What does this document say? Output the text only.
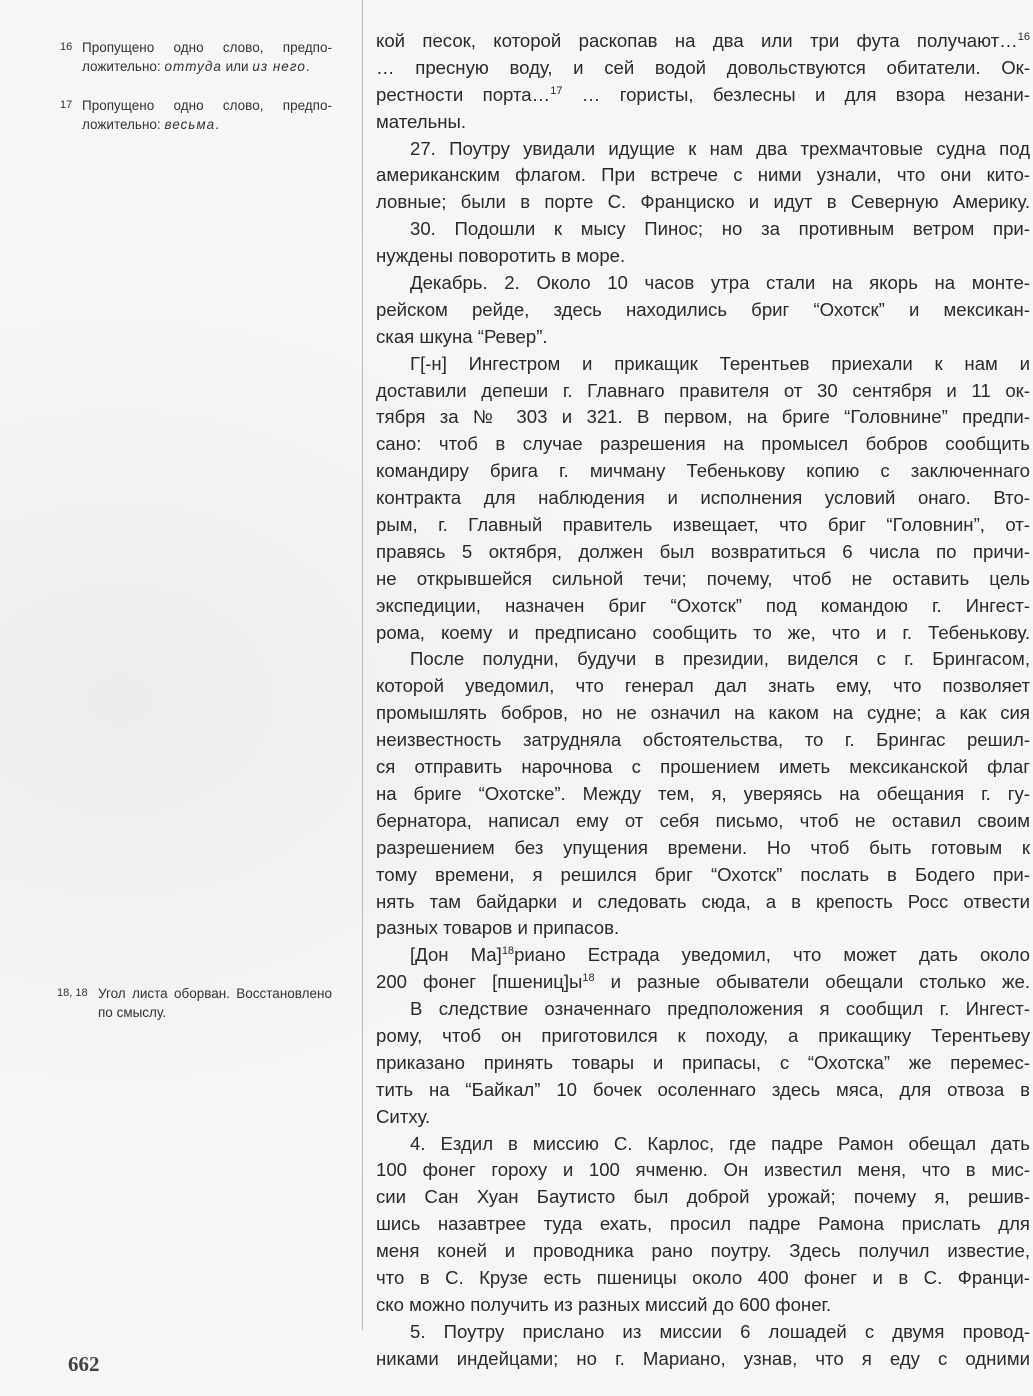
16 Пропущено одно слово, предположительно: оттуда или из него.
17 Пропущено одно слово, предположительно: весьма.
18, 18 Угол листа оборван. Восстановлено по смыслу.
кой песок, которой раскопав на два или три фута получают…$^{16}$
… пресную воду, и сей водой довольствуются обитатели. Ок-
рестности порта…$^{17}$ … гористы, безлесны и для взора незани-
мательны.
27. Поутру увидали идущие к нам два трехмачтовые судна под
американским флагом. При встрече с ними узнали, что они кито-
ловные; были в порте С. Франциско и идут в Северную Америку.
30. Подошли к мысу Пинос; но за противным ветром при-
нуждены поворотить в море.
Декабрь. 2. Около 10 часов утра стали на якорь на монте-
рейском рейде, здесь находились бриг “Охотск” и мексикан-
ская шкуна “Ревер”.
Г[-н] Ингестром и прикащик Терентьев приехали к нам и
доставили депеши г. Главнаго правителя от 30 сентября и 11 ок-
тября за № 303 и 321. В первом, на бриге “Головнине” предпи-
сано: чтоб в случае разрешения на промысел бобров сообщить
командиру брига г. мичману Тебенькову копию с заключеннаго
контракта для наблюдения и исполнения условий онаго. Вто-
рым, г. Главный правитель извещает, что бриг “Головнин”, от-
правясь 5 октября, должен был возвратиться 6 числа по причи-
не открывшейся сильной течи; почему, чтоб не оставить цель
экспедиции, назначен бриг “Охотск” под командою г. Ингест-
рома, коему и предписано сообщить то же, что и г. Тебенькову.
После полудни, будучи в президии, виделся с г. Брингасом,
которой уведомил, что генерал дал знать ему, что позволяет
промышлять бобров, но не означил на каком на судне; а как сия
неизвестность затрудняла обстоятельства, то г. Брингас решил-
ся отправить нарочнова с прошением иметь мексиканской флаг
на бриге “Охотске”. Между тем, я, уверяясь на обещания г. гу-
бернатора, написал ему от себя письмо, чтоб не оставил своим
разрешением без упущения времени. Но чтоб быть готовым к
тому времени, я решился бриг “Охотск” послать в Бодего при-
нять там байдарки и следовать сюда, а в крепость Росс отвести
разных товаров и припасов.
[Дон Ма]$^{18}$риано Естрада уведомил, что может дать около
200 фонег $[пшениц]ы^{18}$ и разные обыватели обещали столько же.
В следствие означеннаго предположения я сообщил г. Ингест-
рому, чтоб он приготовился к походу, а прикащику Терентьеву
приказано принять товары и припасы, с “Охотска” же перемес-
тить на “Байкал” 10 бочек осоленнаго здесь мяса, для отвоза в
Ситху.
4. Ездил в миссию С. Карлос, где падре Рамон обещал дать
100 фонег гороху и 100 ячменю. Он известил меня, что в мис-
сии Сан Хуан Баутисто был доброй урожай; почему я, решив-
шись назавтрее туда ехать, просил падре Рамона прислать для
меня коней и проводника рано поутру. Здесь получил известие,
что в С. Крузе есть пшеницы около 400 фонег и в С. Франци-
ско можно получить из разных миссий до 600 фонег.
5. Поутру прислано из миссии 6 лошадей с двумя провод-
никами индейцами; но г. Мариано, узнав, что я еду с одними
662
